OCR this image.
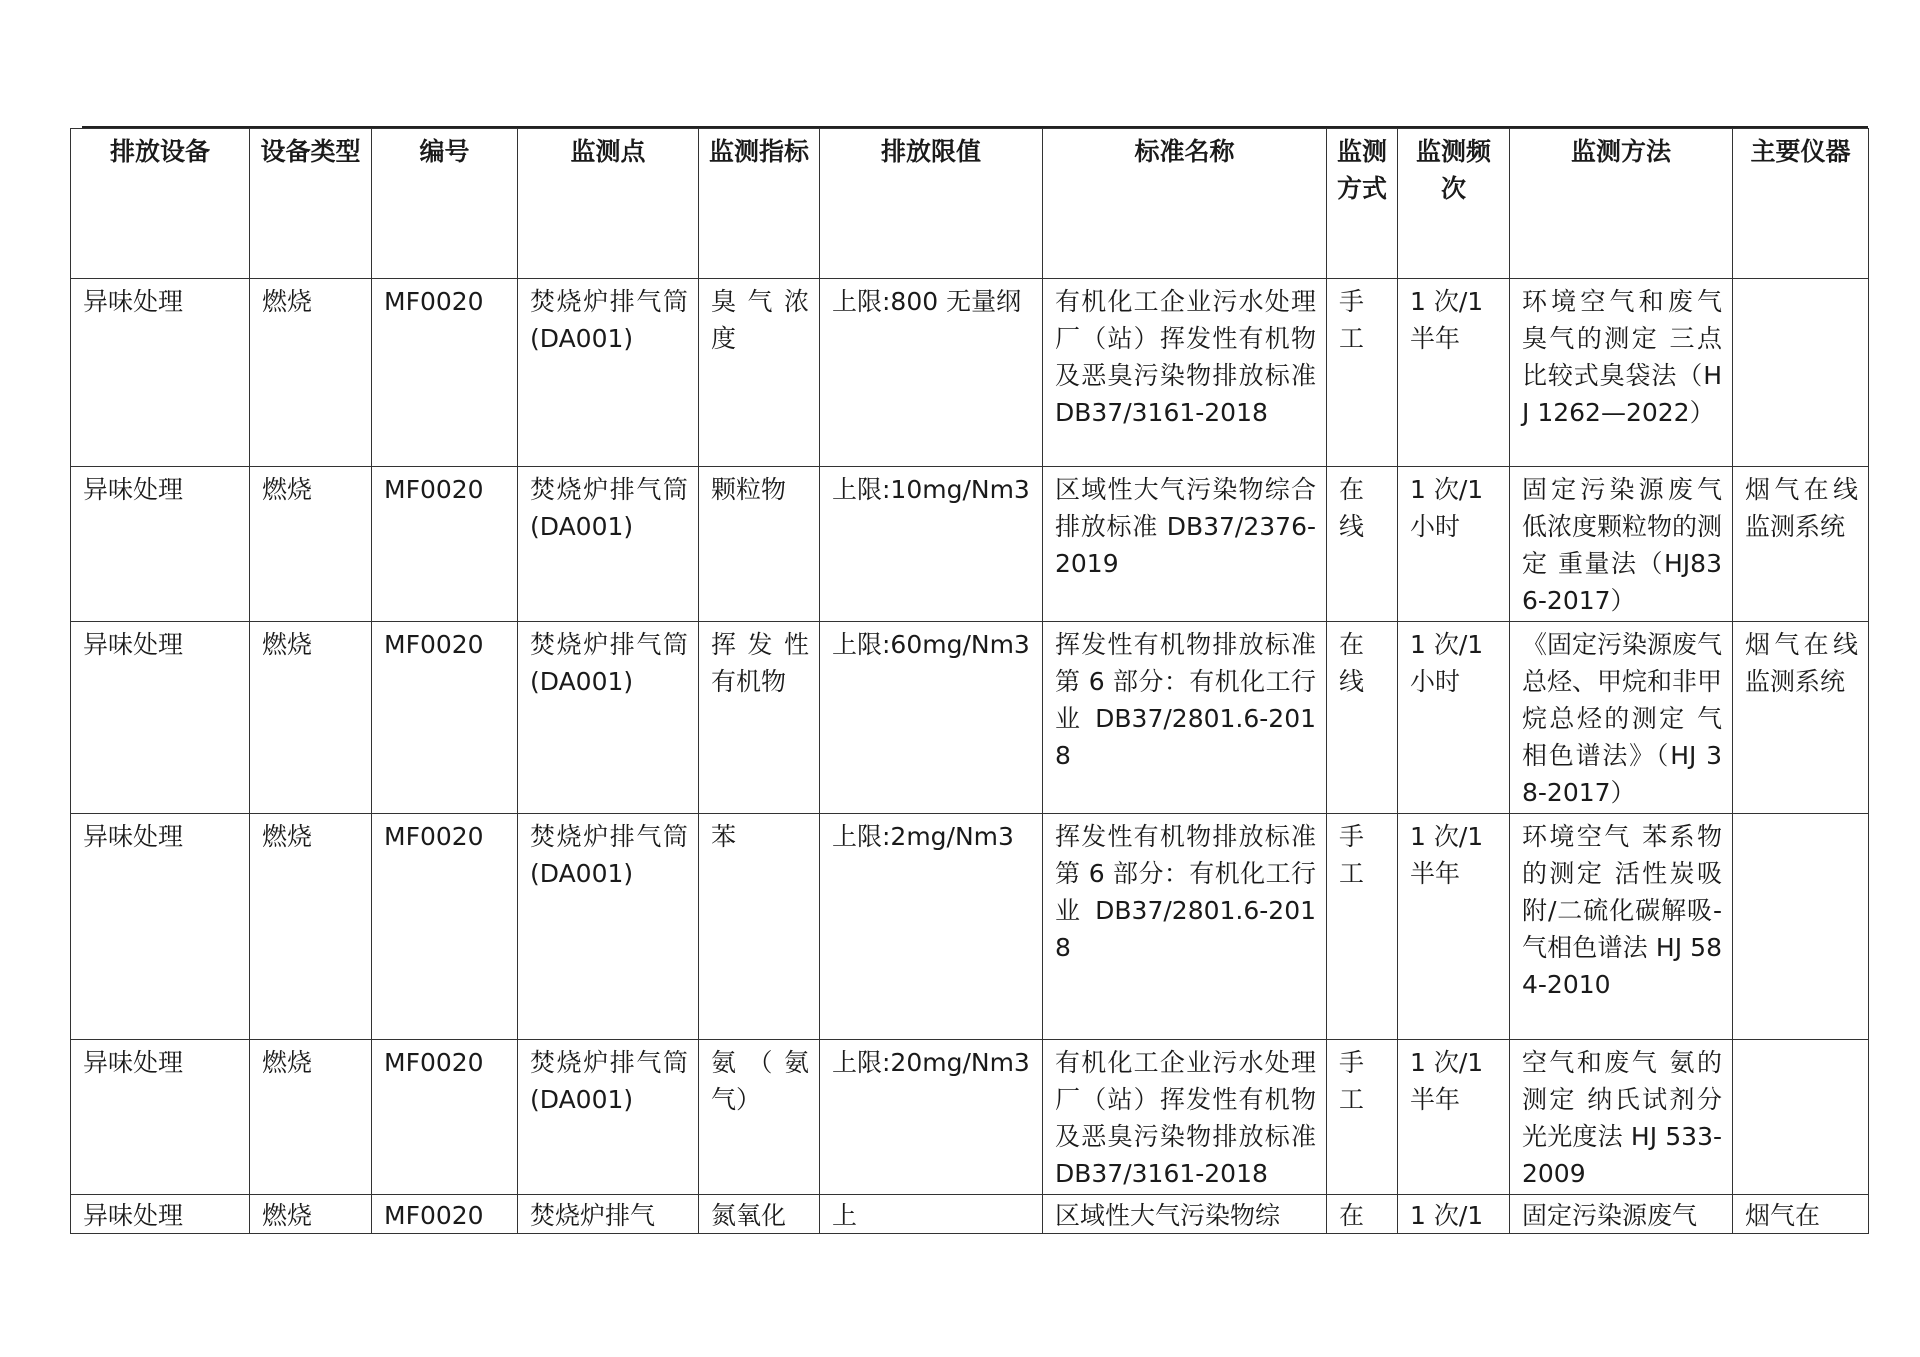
排放设备	设备类型	编号	监测点	监测指标	排放限值	标准名称	监测方式	监测频次	监测方法	主要仪器
异味处理	燃烧	MF0020	焚烧炉排气筒(DA001)	臭气浓度	上限:800 无量纲	有机化工企业污水处理厂（站）挥发性有机物及恶臭污染物排放标准 DB37/3161-2018	手工	1 次/1 半年	环境空气和废气 臭气的测定 三点比较式臭袋法（HJ 1262—2022）	
异味处理	燃烧	MF0020	焚烧炉排气筒(DA001)	颗粒物	上限:10mg/Nm3	区域性大气污染物综合排放标准 DB37/2376-2019	在线	1 次/1 小时	固定污染源废气 低浓度颗粒物的测定 重量法（HJ836-2017）	烟气在线监测系统
异味处理	燃烧	MF0020	焚烧炉排气筒(DA001)	挥发性有机物	上限:60mg/Nm3	挥发性有机物排放标准第 6 部分：有机化工行业 DB37/2801.6-2018	在线	1 次/1 小时	《固定污染源废气 总烃、甲烷和非甲烷总烃的测定 气相色谱法》（HJ 38-2017）	烟气在线监测系统
异味处理	燃烧	MF0020	焚烧炉排气筒(DA001)	苯	上限:2mg/Nm3	挥发性有机物排放标准第 6 部分：有机化工行业 DB37/2801.6-2018	手工	1 次/1 半年	环境空气 苯系物的测定 活性炭吸附/二硫化碳解吸-气相色谱法 HJ 584-2010	
异味处理	燃烧	MF0020	焚烧炉排气筒(DA001)	氨（氨气）	上限:20mg/Nm3	有机化工企业污水处理厂（站）挥发性有机物及恶臭污染物排放标准 DB37/3161-2018	手工	1 次/1 半年	空气和废气 氨的测定 纳氏试剂分光光度法 HJ 533-2009	
异味处理	燃烧	MF0020	焚烧炉排气	氮氧化	上	区域性大气污染物综	在	1 次/1	固定污染源废气	烟气在
